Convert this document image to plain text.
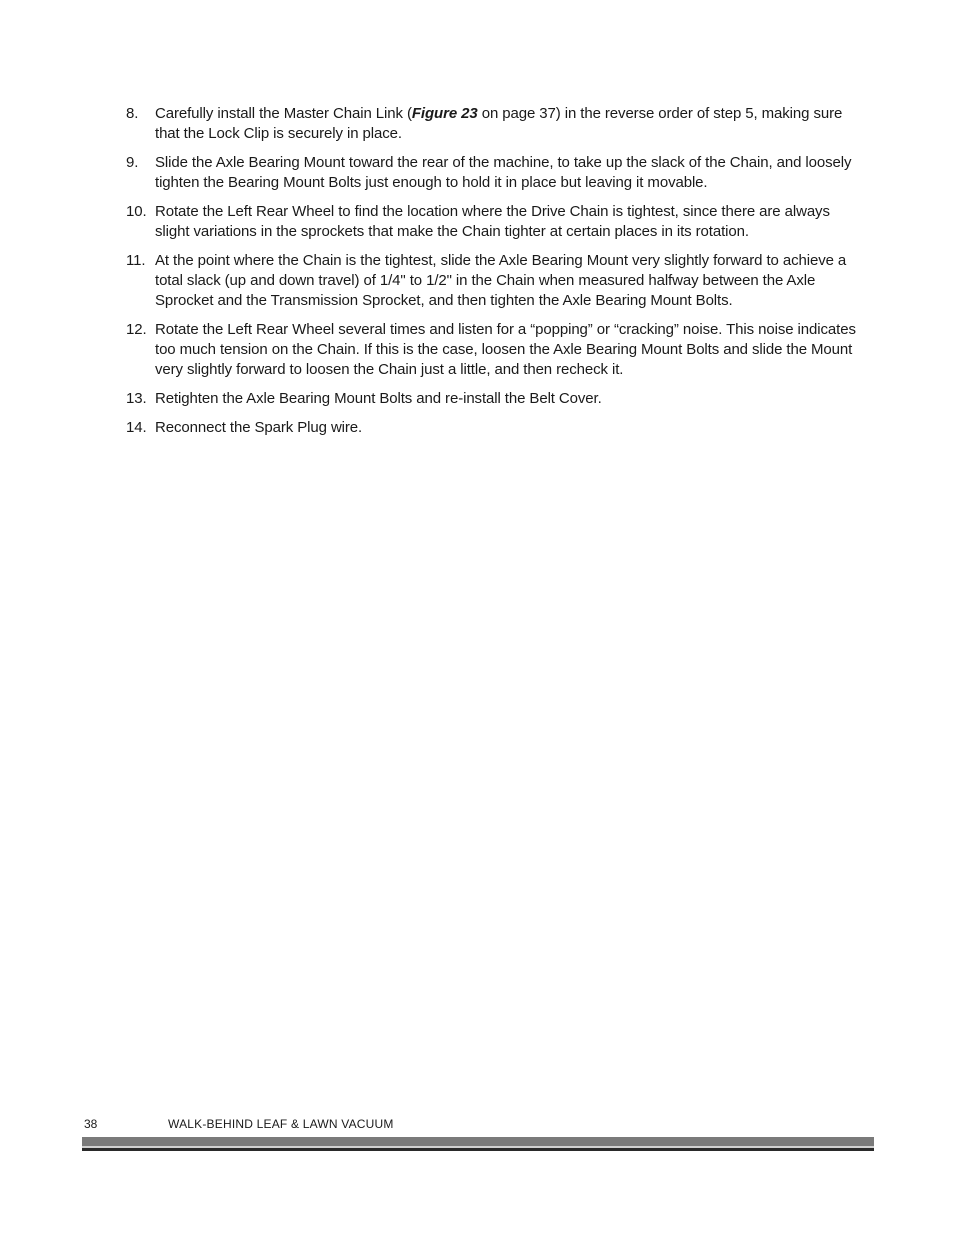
8.	Carefully install the Master Chain Link (Figure 23 on page 37) in the reverse order of step 5, making sure that the Lock Clip is securely in place.
9.	Slide the Axle Bearing Mount toward the rear of the machine, to take up the slack of the Chain, and loosely tighten the Bearing Mount Bolts just enough to hold it in place but leaving it movable.
10. Rotate the Left Rear Wheel to find the location where the Drive Chain is tightest, since there are always slight variations in the sprockets that make the Chain tighter at certain places in its rotation.
11. At the point where the Chain is the tightest, slide the Axle Bearing Mount very slightly forward to achieve a total slack (up and down travel) of 1/4" to 1/2" in the Chain when measured halfway between the Axle Sprocket and the Transmission Sprocket, and then tighten the Axle Bearing Mount Bolts.
12. Rotate the Left Rear Wheel several times and listen for a “popping” or “cracking” noise. This noise indicates too much tension on the Chain. If this is the case, loosen the Axle Bearing Mount Bolts and slide the Mount very slightly forward to loosen the Chain just a little, and then recheck it.
13. Retighten the Axle Bearing Mount Bolts and re-install the Belt Cover.
14. Reconnect the Spark Plug wire.
38	WALK-BEHIND LEAF & LAWN VACUUM
